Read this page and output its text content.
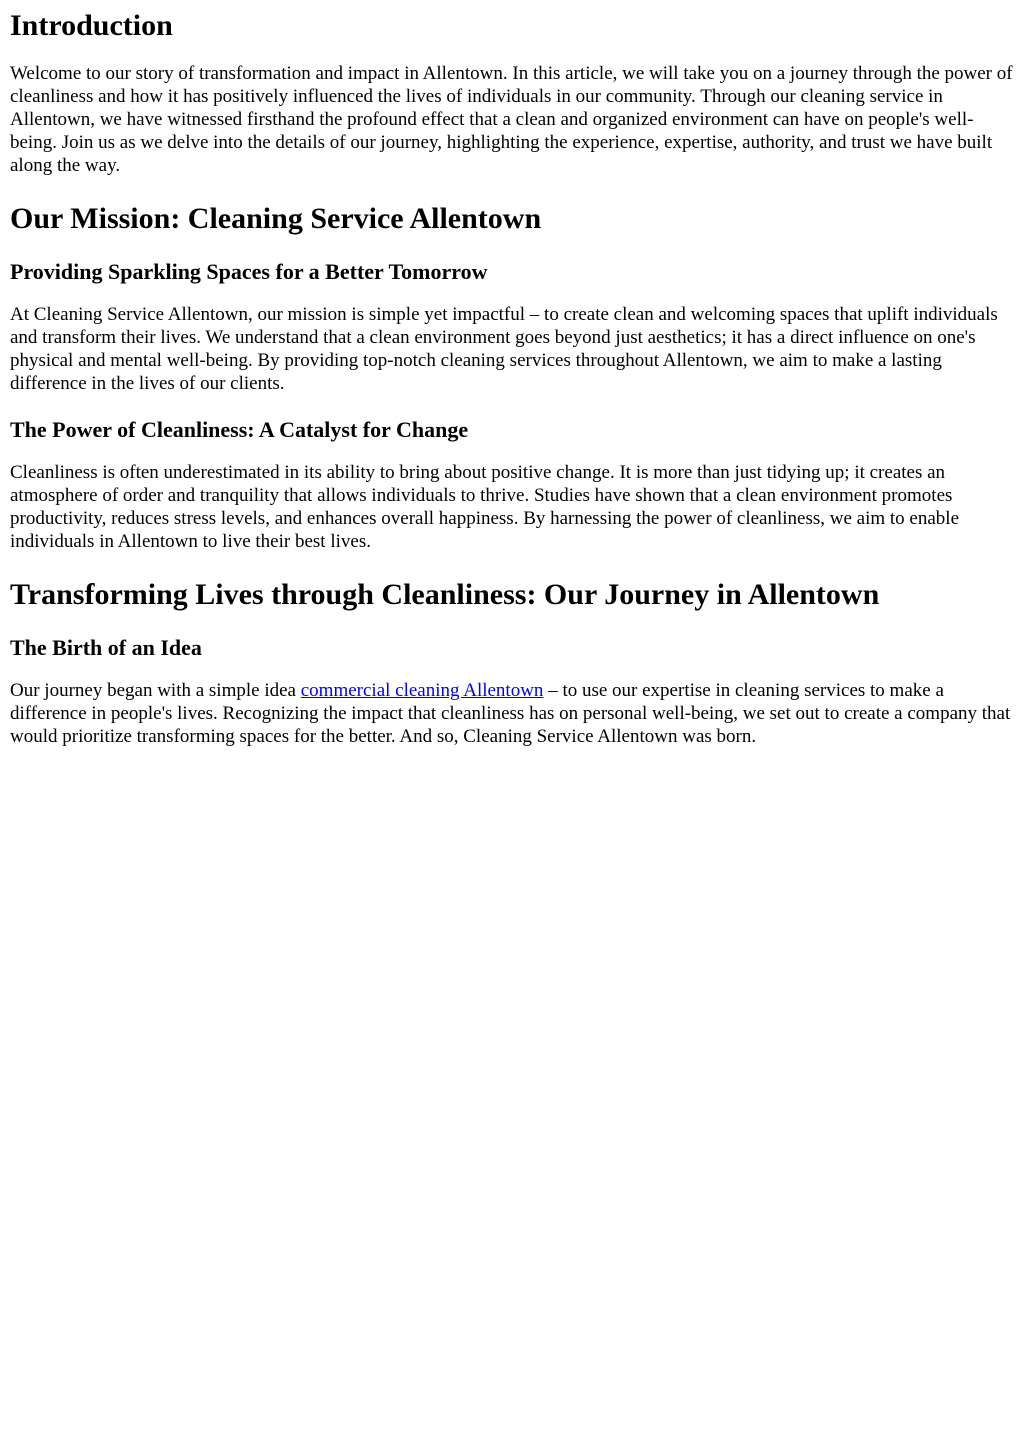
Introduction

Welcome to our story of transformation and impact in Allentown. In this article, we will take you on a journey through the power of cleanliness and how it has positively influenced the lives of individuals in our community. Through our cleaning service in Allentown, we have witnessed firsthand the profound effect that a clean and organized environment can have on people's well-being. Join us as we delve into the details of our journey, highlighting the experience, expertise, authority, and trust we have built along the way.

Our Mission: Cleaning Service Allentown
Providing Sparkling Spaces for a Better Tomorrow

At Cleaning Service Allentown, our mission is simple yet impactful – to create clean and welcoming spaces that uplift individuals and transform their lives. We understand that a clean environment goes beyond just aesthetics; it has a direct influence on one's physical and mental well-being. By providing top-notch cleaning services throughout Allentown, we aim to make a lasting difference in the lives of our clients.

The Power of Cleanliness: A Catalyst for Change

Cleanliness is often underestimated in its ability to bring about positive change. It is more than just tidying up; it creates an atmosphere of order and tranquility that allows individuals to thrive. Studies have shown that a clean environment promotes productivity, reduces stress levels, and enhances overall happiness. By harnessing the power of cleanliness, we aim to enable individuals in Allentown to live their best lives.

Transforming Lives through Cleanliness: Our Journey in Allentown
The Birth of an Idea

Our journey began with a simple idea commercial cleaning Allentown – to use our expertise in cleaning services to make a difference in people's lives. Recognizing the impact that cleanliness has on personal well-being, we set out to create a company that would prioritize transforming spaces for the better. And so, Cleaning Service Allentown was born.
